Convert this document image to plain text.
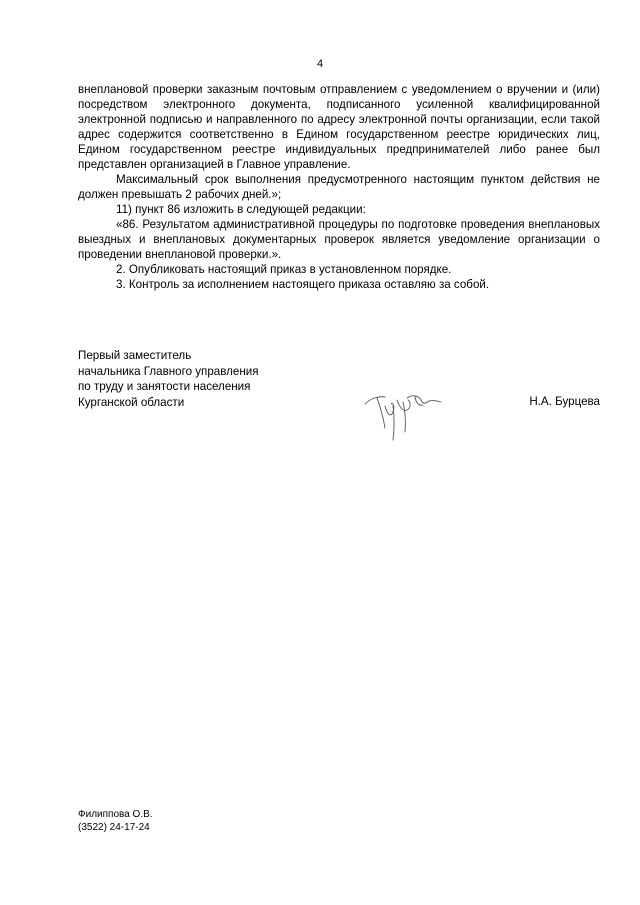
4

внеплановой проверки заказным почтовым отправлением с уведомлением о вручении и (или) посредством электронного документа, подписанного усиленной квалифицированной электронной подписью и направленного по адресу электронной почты организации, если такой адрес содержится соответственно в Едином государственном реестре юридических лиц, Едином государственном реестре индивидуальных предпринимателей либо ранее был представлен организацией в Главное управление.

Максимальный срок выполнения предусмотренного настоящим пунктом действия не должен превышать 2 рабочих дней.»;

11) пункт 86 изложить в следующей редакции:

«86. Результатом административной процедуры по подготовке проведения внеплановых выездных и внеплановых документарных проверок является уведомление организации о проведении внеплановой проверки.».

2. Опубликовать настоящий приказ в установленном порядке.

3. Контроль за исполнением настоящего приказа оставляю за собой.

Первый заместитель
начальника Главного управления
по труду и занятости населения
Курганской области	Н.А. Бурцева
Филиппова О.В.
(3522) 24-17-24
